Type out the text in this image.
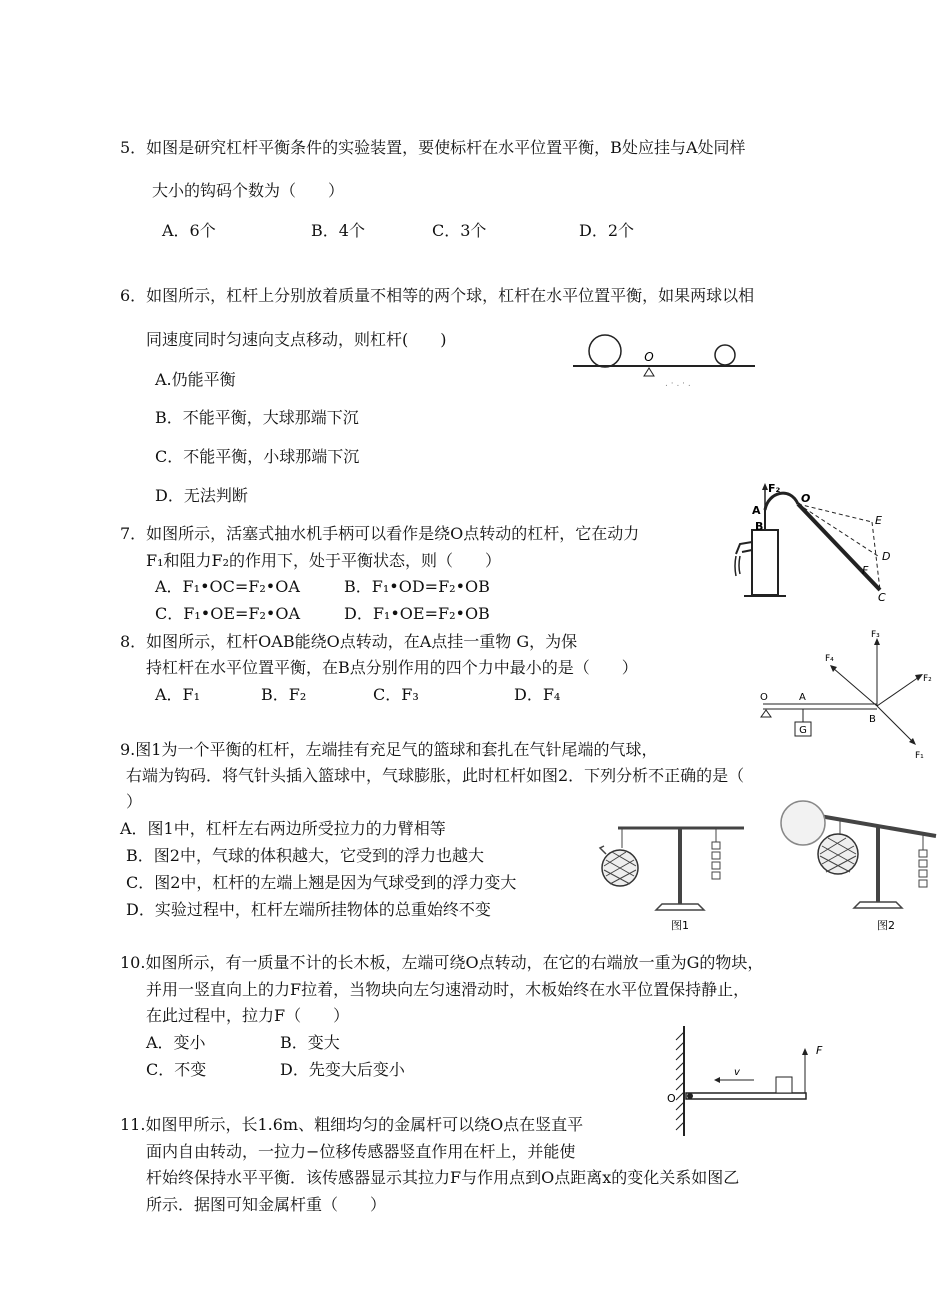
5．如图是研究杠杆平衡条件的实验装置，要使标杆在水平位置平衡，B处应挂与A处同样
大小的钩码个数为（　　）
A．6个	B．4个	C．3个	D．2个
6．如图所示，杠杆上分别放着质量不相等的两个球，杠杆在水平位置平衡，如果两球以相
同速度同时匀速向支点移动，则杠杆(　　)
A.仍能平衡
B．不能平衡，大球那端下沉
C．不能平衡，小球那端下沉
D．无法判断
O
. · . · .
7．如图所示，活塞式抽水机手柄可以看作是绕O点转动的杠杆，它在动力
F₁和阻力F₂的作用下，处于平衡状态，则（　　）
A．F₁•OC=F₂•OA	B．F₁•OD=F₂•OB
C．F₁•OE=F₂•OA	D．F₁•OE=F₂•OB
F₂
A
B
O
E
D
F
C
8．如图所示，杠杆OAB能绕O点转动，在A点挂一重物 G，为保
持杠杆在水平位置平衡，在B点分别作用的四个力中最小的是（　　）
A．F₁	B．F₂	C．F₃	D．F₄
G
F₃
F₄
F₂
F₁
O	A
B
9.图1为一个平衡的杠杆，左端挂有充足气的篮球和套扎在气针尾端的气球，
右端为钩码．将气针头插入篮球中，气球膨胀，此时杠杆如图2．下列分析不正确的是（
）
A．图1中，杠杆左右两边所受拉力的力臂相等
B．图2中，气球的体积越大，它受到的浮力也越大
C．图2中，杠杆的左端上翘是因为气球受到的浮力变大
D．实验过程中，杠杆左端所挂物体的总重始终不变
图1	图2
10.如图所示，有一质量不计的长木板，左端可绕O点转动，在它的右端放一重为G的物块，
并用一竖直向上的力F拉着，当物块向左匀速滑动时，木板始终在水平位置保持静止，
在此过程中，拉力F（　　）
A．变小	B．变大
C．不变	D．先变大后变小
O
v
F
11.如图甲所示，长1.6m、粗细均匀的金属杆可以绕O点在竖直平
面内自由转动，一拉力−位移传感器竖直作用在杆上，并能使
杆始终保持水平平衡．该传感器显示其拉力F与作用点到O点距离x的变化关系如图乙
所示．据图可知金属杆重（　　）
